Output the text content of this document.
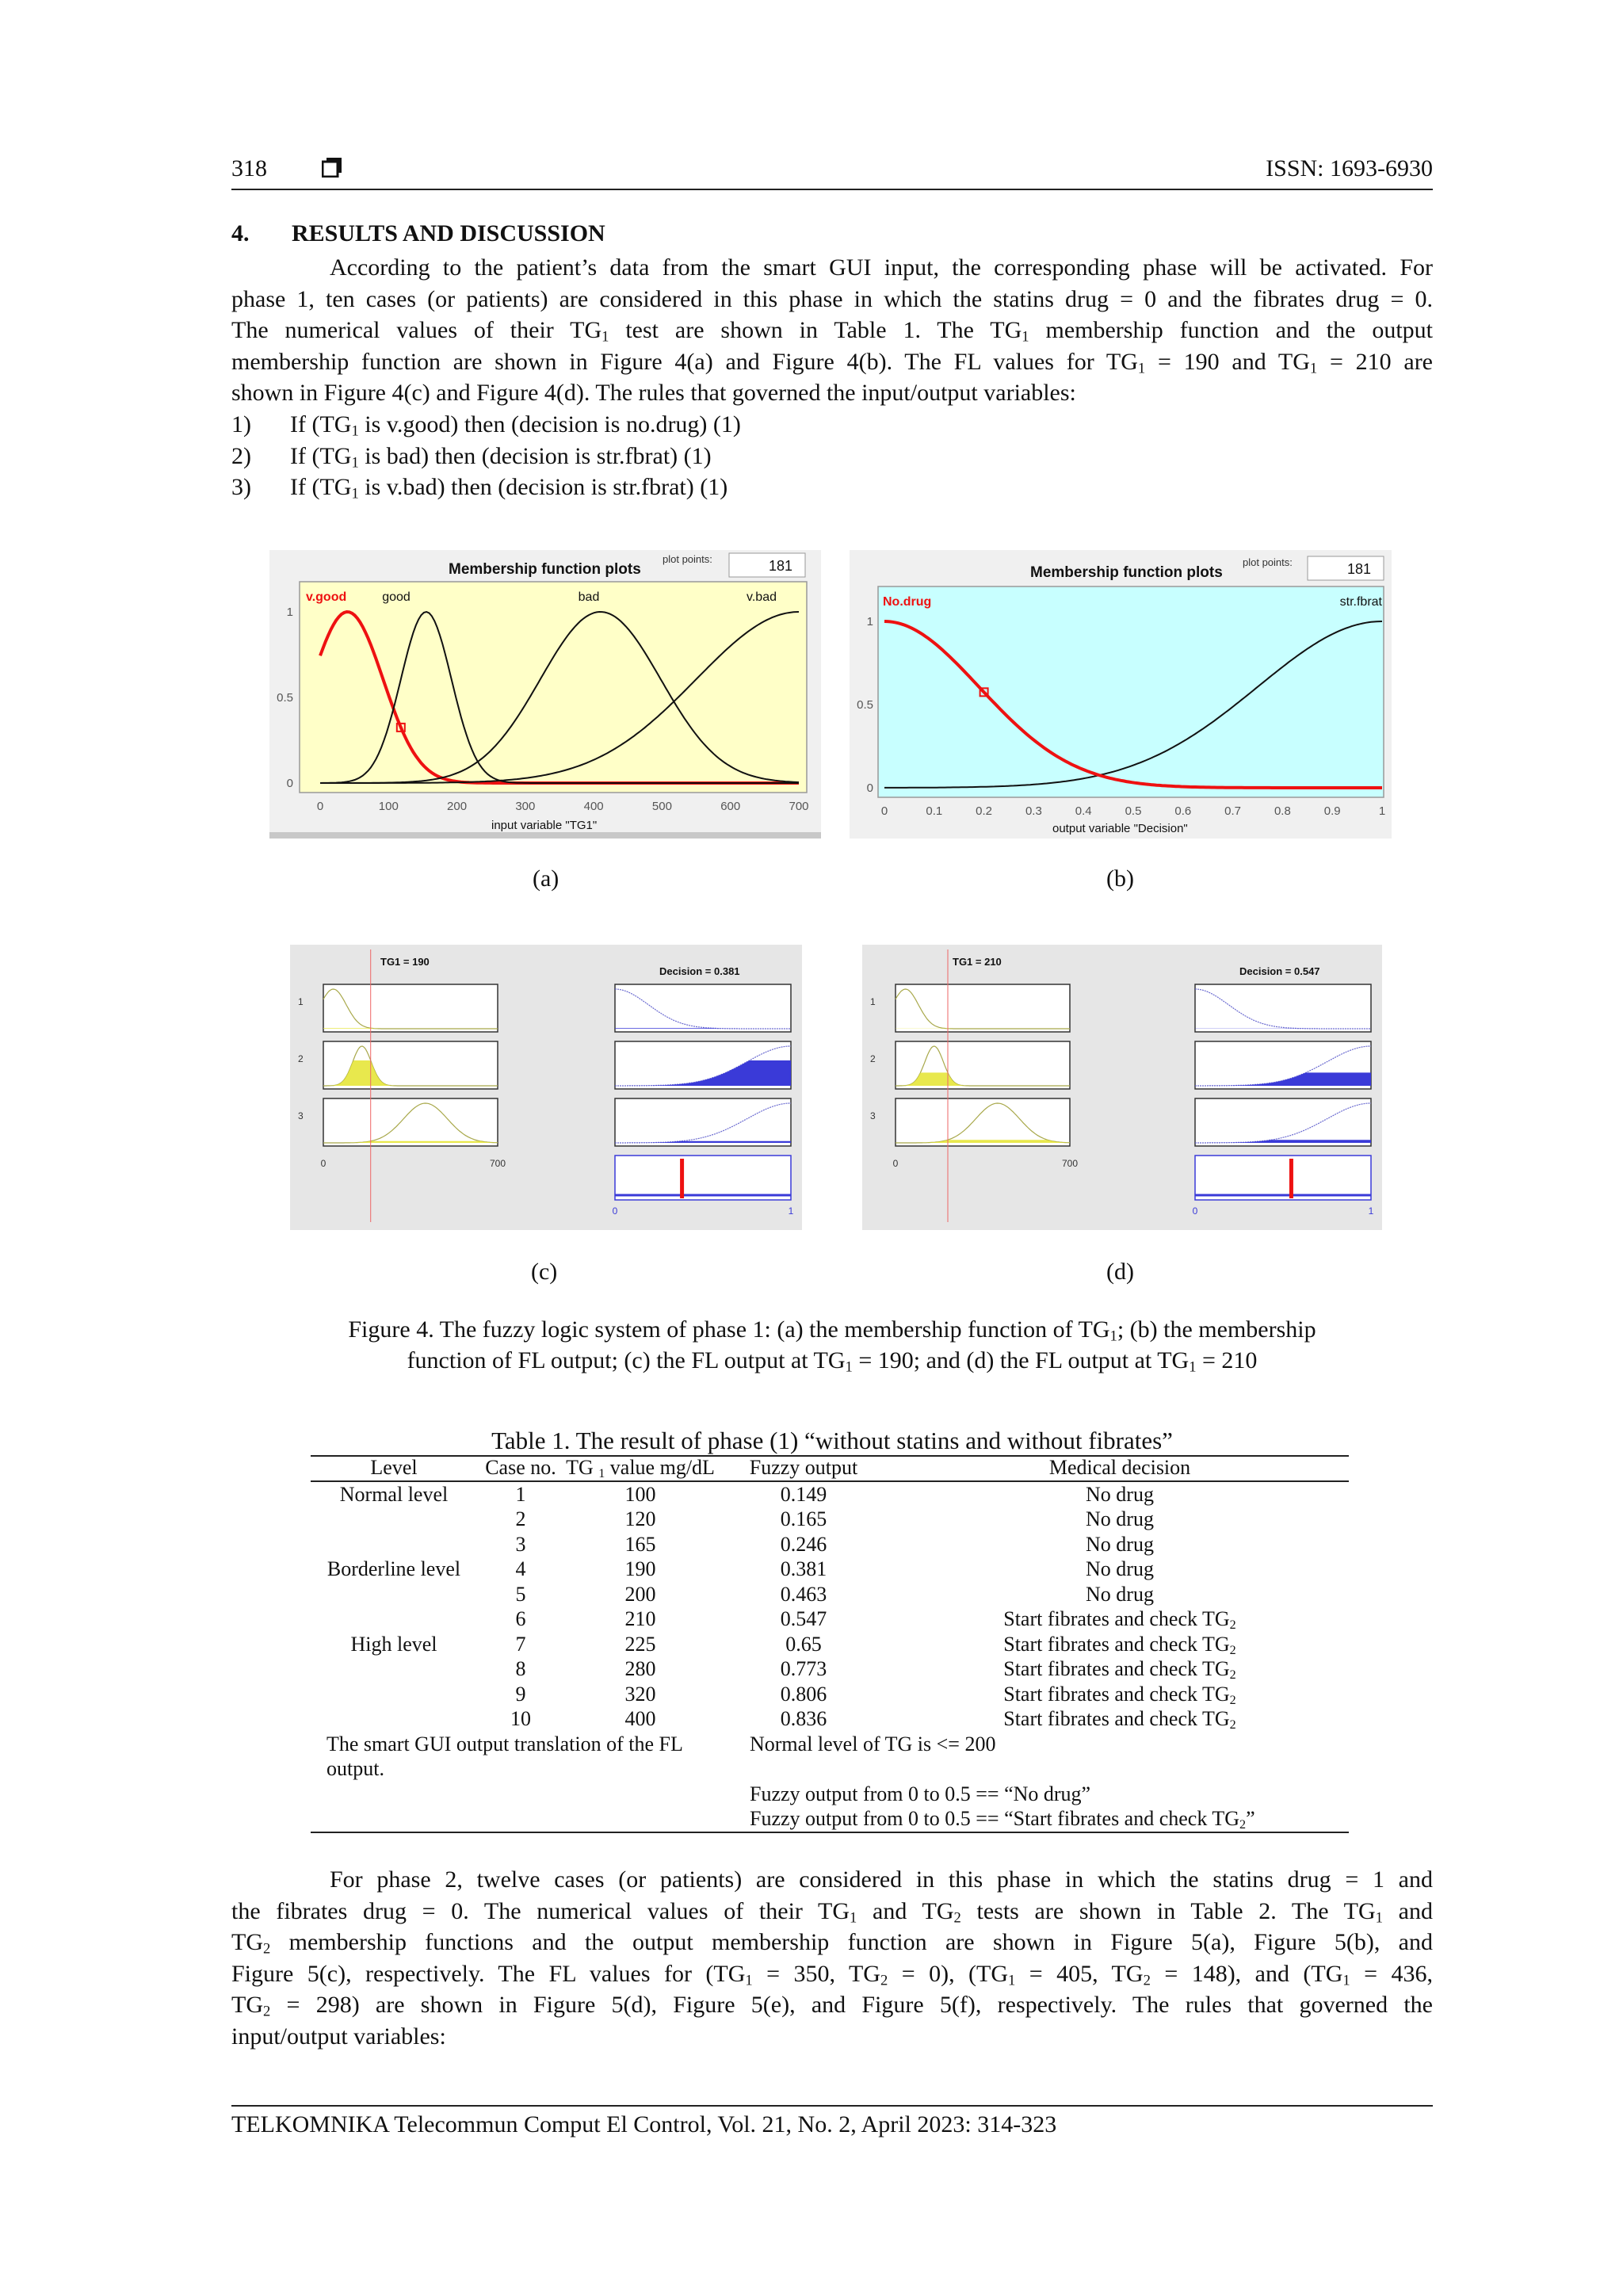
318	ISSN: 1693-6930
4. RESULTS AND DISCUSSION
According to the patient’s data from the smart GUI input, the corresponding phase will be activated. For
phase 1, ten cases (or patients) are considered in this phase in which the statins drug = 0 and the fibrates drug = 0.
The numerical values of their $TG_1$ test are shown in Table 1. The $TG_1$ membership function and the output
membership function are shown in Figure 4(a) and Figure 4(b). The FL values for $TG_1 = 190$ and $TG_1 = 210$ are
shown in Figure 4(c) and Figure 4(d). The rules that governed the input/output variables:
1)	If ($TG_1$ is v.good) then (decision is no.drug) (1)
2)	If ($TG_1$ is bad) then (decision is str.fbrat) (1)
3)	If ($TG_1$ is v.bad) then (decision is str.fbrat) (1)
Membership function plots
plot points:	181
v.good	good	bad	v.bad
1
0.5
0
0	100	200	300	400	500	600	700
input variable "TG1"
Membership function plots
plot points:	181
No.drug	str.fbrat
1
0.5
0
0	0.1	0.2	0.3	0.4	0.5	0.6	0.7	0.8	0.9	1
output variable "Decision"
(a)	(b)
TG1 = 190
Decision = 0.381
1
2
3
0	700
0	1
TG1 = 210
Decision = 0.547
1
2
3
0	700
0	1
(c)	(d)
Figure 4. The fuzzy logic system of phase 1: (a) the membership function of $TG_1$; (b) the membership
function of FL output; (c) the FL output at $TG_1 = 190$; and (d) the FL output at $TG_1 = 210$
Table 1. The result of phase (1) “without statins and without fibrates”
Level	Case no.	TG $_1$ value mg/dL	Fuzzy output	Medical decision
Normal level	1	100	0.149	No drug
	2	120	0.165	No drug
	3	165	0.246	No drug
Borderline level	4	190	0.381	No drug
	5	200	0.463	No drug
	6	210	0.547	Start fibrates and check $TG_2$
High level	7	225	0.65	Start fibrates and check $TG_2$
	8	280	0.773	Start fibrates and check $TG_2$
	9	320	0.806	Start fibrates and check $TG_2$
	10	400	0.836	Start fibrates and check $TG_2$
The smart GUI output translation of the FL output.			Normal level of TG is <= 200	
			Fuzzy output from 0 to 0.5 == “No drug”	
			Fuzzy output from 0 to 0.5 == “Start fibrates and check $TG_2$”	
For phase 2, twelve cases (or patients) are considered in this phase in which the statins drug = 1 and
the fibrates drug = 0. The numerical values of their $TG_1$ and $TG_2$ tests are shown in Table 2. The $TG_1$ and
$TG_2$ membership functions and the output membership function are shown in Figure 5(a), Figure 5(b), and
Figure 5(c), respectively. The FL values for ($TG_1 = 350$, $TG_2 = 0$), ($TG_1 = 405$, $TG_2 = 148$), and ($TG_1 = 436$,
$TG_2 = 298$) are shown in Figure 5(d), Figure 5(e), and Figure 5(f), respectively. The rules that governed the
input/output variables:
TELKOMNIKA Telecommun Comput El Control, Vol. 21, No. 2, April 2023: 314-323
